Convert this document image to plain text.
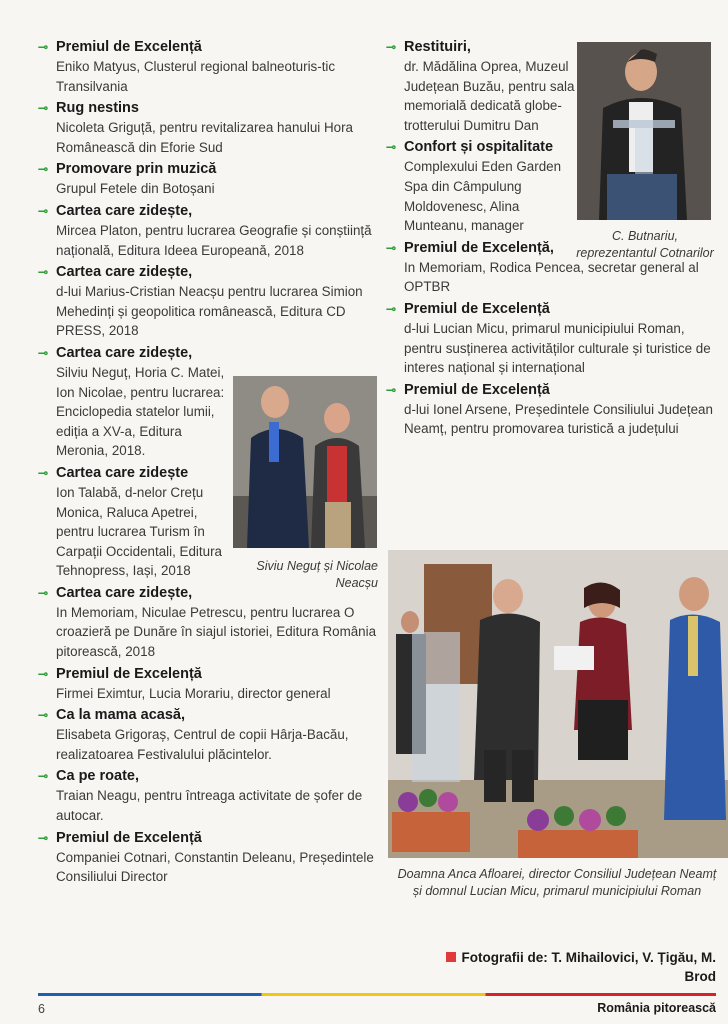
⊸ Premiul de Excelență
Eniko Matyus, Clusterul regional balneoturis-tic Transilvania
⊸ Rug nestins
Nicoleta Griguță, pentru revitalizarea hanului Hora Românească din Eforie Sud
⊸ Promovare prin muzică
Grupul Fetele din Botoșani
⊸ Cartea care zidește,
Mircea Platon, pentru lucrarea Geografie și conștiință națională, Editura Ideea Europeană, 2018
⊸ Cartea care zidește,
d-lui Marius-Cristian Neacșu pentru lucrarea Simion Mehedinți și geopolitica românească, Editura CD PRESS, 2018
⊸ Cartea care zidește,
Silviu Neguț, Horia C. Matei, Ion Nicolae, pentru lucrarea: Enciclopedia statelor lumii, ediția a XV-a, Editura Meronia, 2018.
⊸ Cartea care zidește
Ion Talabă, d-nelor Crețu Monica, Raluca Apetrei, pentru lucrarea Turism în Carpații Occidentali, Editura Tehnopress, Iași, 2018
⊸ Cartea care zidește,
In Memoriam, Niculae Petrescu, pentru lucrarea O croazieră pe Dunăre în siajul istoriei, Editura România pitorească, 2018
⊸ Premiul de Excelență
Firmei Eximtur, Lucia Morariu, director general
⊸ Ca la mama acasă,
Elisabeta Grigoraș, Centrul de copii Hârja-Bacău, realizatoarea Festivalului plăcintelor.
⊸ Ca pe roate,
Traian Neagu, pentru întreaga activitate de șofer de autocar.
⊸ Premiul de Excelență
Companiei Cotnari, Constantin Deleanu, Președintele Consiliului Director
⊸ Restituiri,
dr. Mădălina Oprea, Muzeul Județean Buzău, pentru sala memorială dedicată globe-trotterului Dumitru Dan
⊸ Confort și ospitalitate
Complexului Eden Garden Spa din Câmpulung Moldovenesc, Alina Munteanu, manager
⊸ Premiul de Excelență,
In Memoriam, Rodica Pencea, secretar general al OPTBR
⊸ Premiul de Excelență
d-lui Lucian Micu, primarul municipiului Roman, pentru susținerea activităților culturale și turistice de interes național și internațional
⊸ Premiul de Excelență
d-lui Ionel Arsene, Președintele Consiliului Județean Neamț, pentru promovarea turistică a județului
Siviu Neguț și Nicolae Neacșu
C. Butnariu, reprezentantul Cotnarilor
Doamna Anca Afloarei, director Consiliul Județean Neamț și domnul Lucian Micu, primarul municipiului Roman
Fotografii de: T. Mihailovici, V. Țigău, M. Brod
6	România pitorească
